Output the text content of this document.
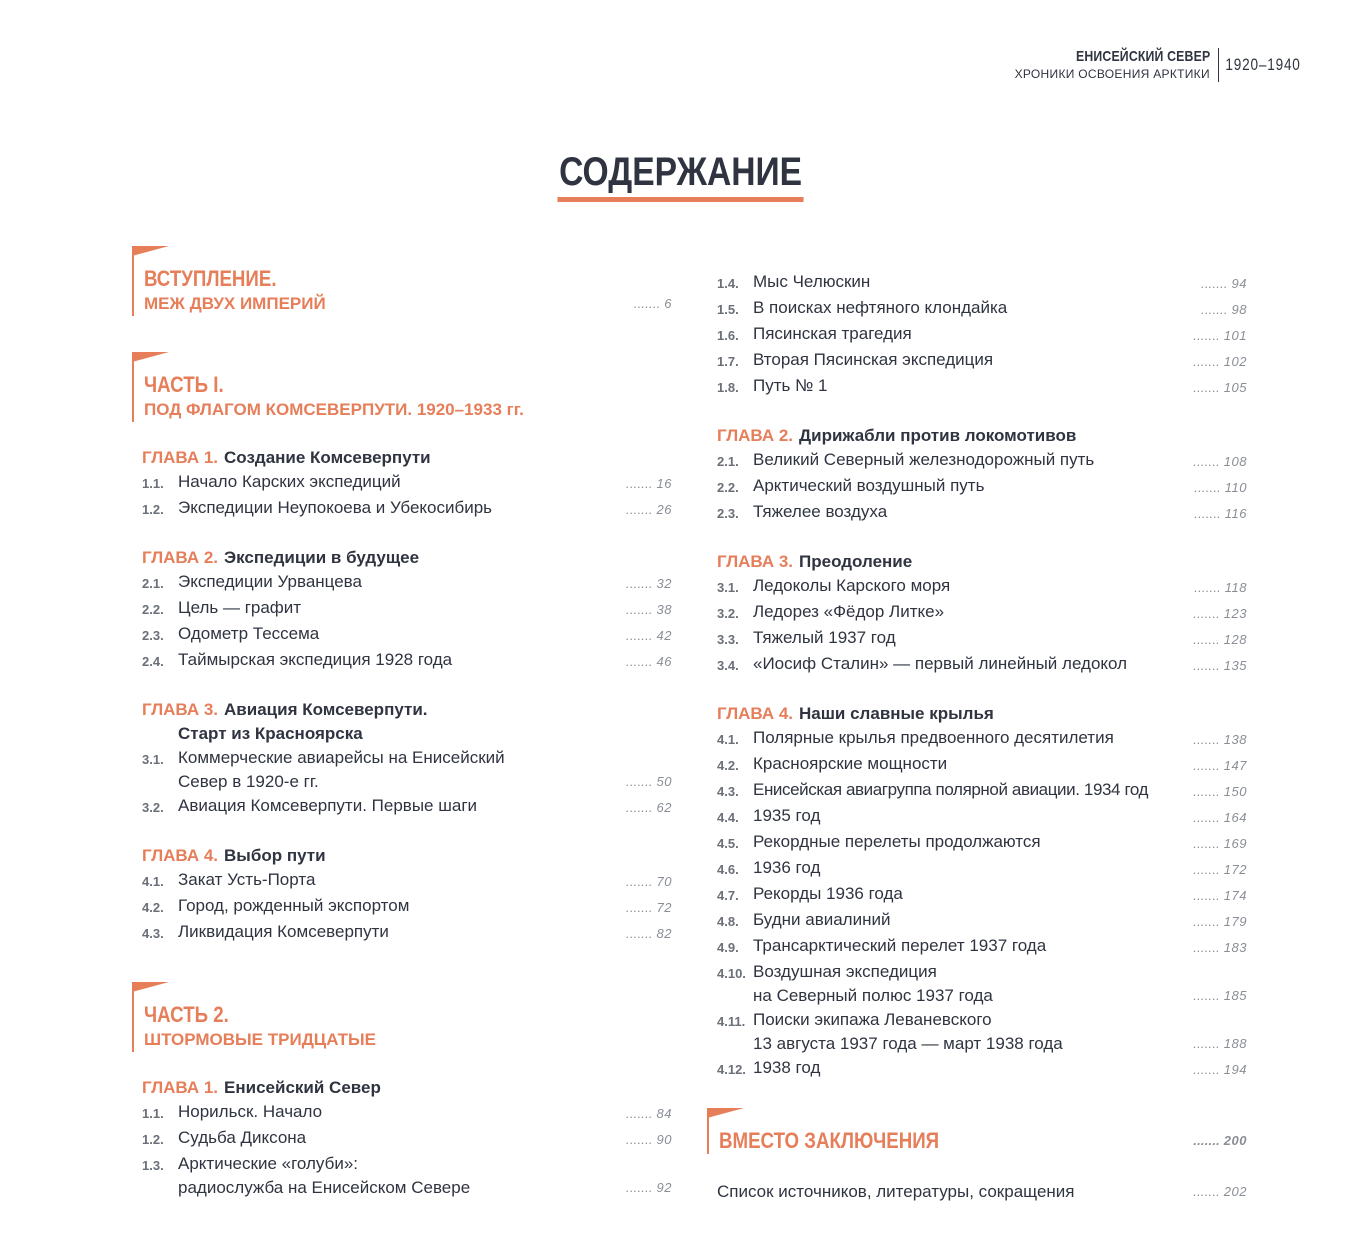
ЕНИСЕЙСКИЙ СЕВЕР
ХРОНИКИ ОСВОЕНИЯ АРКТИКИ 1920–1940
СОДЕРЖАНИЕ
ВСТУПЛЕНИЕ.
МЕЖ ДВУХ ИМПЕРИЙ	....... 6
ЧАСТЬ I.
ПОД ФЛАГОМ КОМСЕВЕРПУТИ. 1920–1933 гг.
ГЛАВА 1. Создание Комсеверпути
1.1. Начало Карских экспедиций	....... 16
1.2. Экспедиции Неупокоева и Убекосибирь	....... 26
ГЛАВА 2. Экспедиции в будущее
2.1. Экспедиции Урванцева	....... 32
2.2. Цель — графит	....... 38
2.3. Одометр Тессема	....... 42
2.4. Таймырская экспедиция 1928 года	....... 46
ГЛАВА 3. Авиация Комсеверпути.
Старт из Красноярска
3.1. Коммерческие авиарейсы на Енисейский
Север в 1920-е гг.	....... 50
3.2. Авиация Комсеверпути. Первые шаги	....... 62
ГЛАВА 4. Выбор пути
4.1. Закат Усть-Порта	....... 70
4.2. Город, рожденный экспортом	....... 72
4.3. Ликвидация Комсеверпути	....... 82
ЧАСТЬ 2.
ШТОРМОВЫЕ ТРИДЦАТЫЕ
ГЛАВА 1. Енисейский Север
1.1. Норильск. Начало	....... 84
1.2. Судьба Диксона	....... 90
1.3. Арктические «голуби»:
радиослужба на Енисейском Севере	....... 92
1.4. Мыс Челюскин	....... 94
1.5. В поисках нефтяного клондайка	....... 98
1.6. Пясинская трагедия	....... 101
1.7. Вторая Пясинская экспедиция	....... 102
1.8. Путь № 1	....... 105
ГЛАВА 2. Дирижабли против локомотивов
2.1. Великий Северный железнодорожный путь	....... 108
2.2. Арктический воздушный путь	....... 110
2.3. Тяжелее воздуха	....... 116
ГЛАВА 3. Преодоление
3.1. Ледоколы Карского моря	....... 118
3.2. Ледорез «Фёдор Литке»	....... 123
3.3. Тяжелый 1937 год	....... 128
3.4. «Иосиф Сталин» — первый линейный ледокол	....... 135
ГЛАВА 4. Наши славные крылья
4.1. Полярные крылья предвоенного десятилетия	....... 138
4.2. Красноярские мощности	....... 147
4.3. Енисейская авиагруппа полярной авиации. 1934 год	....... 150
4.4. 1935 год	....... 164
4.5. Рекордные перелеты продолжаются	....... 169
4.6. 1936 год	....... 172
4.7. Рекорды 1936 года	....... 174
4.8. Будни авиалиний	....... 179
4.9. Трансарктический перелет 1937 года	....... 183
4.10. Воздушная экспедиция
на Северный полюс 1937 года	....... 185
4.11. Поиски экипажа Леваневского
13 августа 1937 года — март 1938 года	....... 188
4.12. 1938 год	....... 194
ВМЕСТО ЗАКЛЮЧЕНИЯ	....... 200
Список источников, литературы, сокращения	....... 202
